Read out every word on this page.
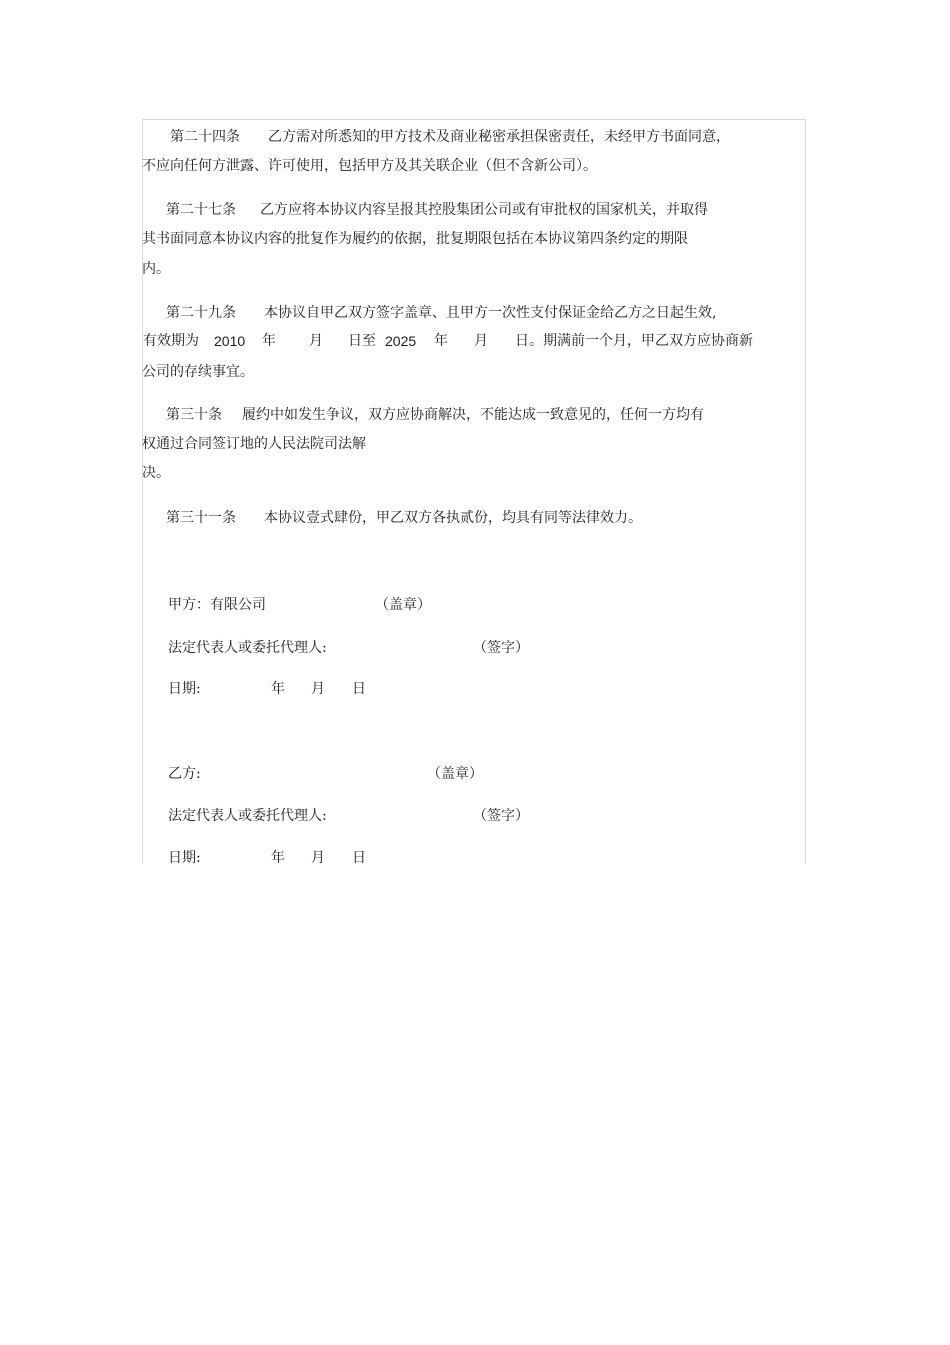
第二十四条 乙方需对所悉知的甲方技术及商业秘密承担保密责任，未经甲方书面同意，
不应向任何方泄露、许可使用，包括甲方及其关联企业（但不含新公司）。
第二十七条 乙方应将本协议内容呈报其控股集团公司或有审批权的国家机关，并取得
其书面同意本协议内容的批复作为履约的依据，批复期限包括在本协议第四条约定的期限
内。
第二十九条 本协议自甲乙双方签字盖章、且甲方一次性支付保证金给乙方之日起生效,
有效期为 2010 年 月 日至 2025 年 月 日。期满前一个月，甲乙双方应协商新
公司的存续事宜。
第三十条 履约中如发生争议，双方应协商解决，不能达成一致意见的，任何一方均有
权通过合同签订地的人民法院司法解
决。
第三十一条 本协议壹式肆份，甲乙双方各执贰份，均具有同等法律效力。
甲方：有限公司	（盖章）
法定代表人或委托代理人:	（签字）
日期:	年 月 日
乙方:	（盖章）
法定代表人或委托代理人:	（签字）
日期:	年 月 日
